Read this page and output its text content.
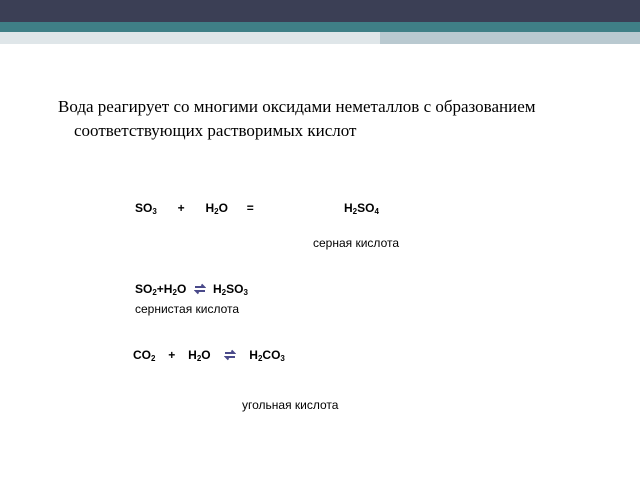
Вода реагирует со многими оксидами неметаллов с образованием соответствующих растворимых кислот
$SO_3 + H_2O$ =	$H_2SO_4$
серная кислота
$SO_2+H_2O$ ⇌ $H_2SO_3$
сернистая кислота
$CO_2 + H_2O$ ⇌ $H_2CO_3$
угольная кислота
